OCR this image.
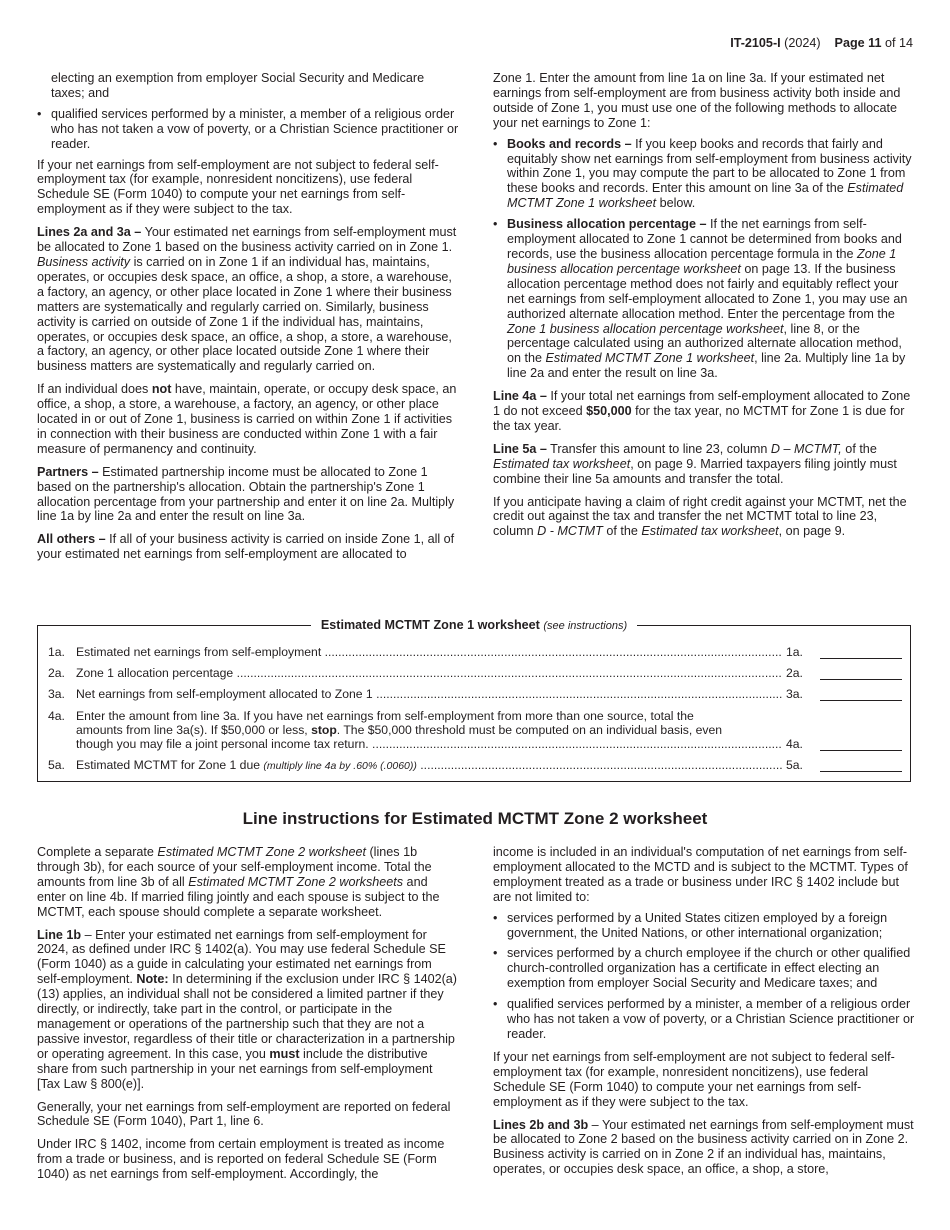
IT-2105-I (2024) Page 11 of 14

electing an exemption from employer Social Security and Medicare taxes; and

• qualified services performed by a minister, a member of a religious order who has not taken a vow of poverty, or a Christian Science practitioner or reader.

If your net earnings from self-employment are not subject to federal self-employment tax (for example, nonresident noncitizens), use federal Schedule SE (Form 1040) to compute your net earnings from self-employment as if they were subject to the tax.

Lines 2a and 3a – Your estimated net earnings from self-employment must be allocated to Zone 1 based on the business activity carried on in Zone 1. Business activity is carried on in Zone 1 if an individual has, maintains, operates, or occupies desk space, an office, a shop, a store, a warehouse, a factory, an agency, or other place located in Zone 1 where their business matters are systematically and regularly carried on. Similarly, business activity is carried on outside of Zone 1 if the individual has, maintains, operates, or occupies desk space, an office, a shop, a store, a warehouse, a factory, an agency, or other place located outside Zone 1 where their business matters are systematically and regularly carried on.

If an individual does not have, maintain, operate, or occupy desk space, an office, a shop, a store, a warehouse, a factory, an agency, or other place located in or out of Zone 1, business is carried on within Zone 1 if activities in connection with their business are conducted within Zone 1 with a fair measure of permanency and continuity.

Partners – Estimated partnership income must be allocated to Zone 1 based on the partnership's allocation. Obtain the partnership's Zone 1 allocation percentage from your partnership and enter it on line 2a. Multiply line 1a by line 2a and enter the result on line 3a.

All others – If all of your business activity is carried on inside Zone 1, all of your estimated net earnings from self-employment are allocated to

Zone 1. Enter the amount from line 1a on line 3a. If your estimated net earnings from self-employment are from business activity both inside and outside of Zone 1, you must use one of the following methods to allocate your net earnings to Zone 1:

• Books and records – If you keep books and records that fairly and equitably show net earnings from self-employment from business activity within Zone 1, you may compute the part to be allocated to Zone 1 from these books and records. Enter this amount on line 3a of the Estimated MCTMT Zone 1 worksheet below.

• Business allocation percentage – If the net earnings from self-employment allocated to Zone 1 cannot be determined from books and records, use the business allocation percentage formula in the Zone 1 business allocation percentage worksheet on page 13. If the business allocation percentage method does not fairly and equitably reflect your net earnings from self-employment allocated to Zone 1, you may use an authorized alternate allocation method. Enter the percentage from the Zone 1 business allocation percentage worksheet, line 8, or the percentage calculated using an authorized alternate allocation method, on the Estimated MCTMT Zone 1 worksheet, line 2a. Multiply line 1a by line 2a and enter the result on line 3a.

Line 4a – If your total net earnings from self-employment allocated to Zone 1 do not exceed $50,000 for the tax year, no MCTMT for Zone 1 is due for the tax year.

Line 5a – Transfer this amount to line 23, column D – MCTMT, of the Estimated tax worksheet, on page 9. Married taxpayers filing jointly must combine their line 5a amounts and transfer the total.

If you anticipate having a claim of right credit against your MCTMT, net the credit out against the tax and transfer the net MCTMT total to line 23, column D - MCTMT of the Estimated tax worksheet, on page 9.

Estimated MCTMT Zone 1 worksheet (see instructions)
1a. Estimated net earnings from self-employment .....	1a.
2a. Zone 1 allocation percentage .....	2a.
3a. Net earnings from self-employment allocated to Zone 1 .....	3a.
4a. Enter the amount from line 3a. If you have net earnings from self-employment from more than one source, total the
amounts from line 3a(s). If $50,000 or less, stop. The $50,000 threshold must be computed on an individual basis, even
though you may file a joint personal income tax return. .....	4a.
5a. Estimated MCTMT for Zone 1 due (multiply line 4a by .60% (.0060)) .....	5a.
Line instructions for Estimated MCTMT Zone 2 worksheet

Complete a separate Estimated MCTMT Zone 2 worksheet (lines 1b through 3b), for each source of your self-employment income. Total the amounts from line 3b of all Estimated MCTMT Zone 2 worksheets and enter on line 4b. If married filing jointly and each spouse is subject to the MCTMT, each spouse should complete a separate worksheet.

Line 1b – Enter your estimated net earnings from self-employment for 2024, as defined under IRC § 1402(a). You may use federal Schedule SE (Form 1040) as a guide in calculating your estimated net earnings from self-employment. Note: In determining if the exclusion under IRC § 1402(a)(13) applies, an individual shall not be considered a limited partner if they directly, or indirectly, take part in the control, or participate in the management or operations of the partnership such that they are not a passive investor, regardless of their title or characterization in a partnership or operating agreement. In this case, you must include the distributive share from such partnership in your net earnings from self-employment [Tax Law § 800(e)].

Generally, your net earnings from self-employment are reported on federal Schedule SE (Form 1040), Part 1, line 6.

Under IRC § 1402, income from certain employment is treated as income from a trade or business, and is reported on federal Schedule SE (Form 1040) as net earnings from self-employment. Accordingly, the

income is included in an individual's computation of net earnings from self-employment allocated to the MCTD and is subject to the MCTMT. Types of employment treated as a trade or business under IRC § 1402 include but are not limited to:

• services performed by a United States citizen employed by a foreign government, the United Nations, or other international organization;

• services performed by a church employee if the church or other qualified church-controlled organization has a certificate in effect electing an exemption from employer Social Security and Medicare taxes; and

• qualified services performed by a minister, a member of a religious order who has not taken a vow of poverty, or a Christian Science practitioner or reader.

If your net earnings from self-employment are not subject to federal self-employment tax (for example, nonresident noncitizens), use federal Schedule SE (Form 1040) to compute your net earnings from self-employment as if they were subject to the tax.

Lines 2b and 3b – Your estimated net earnings from self-employment must be allocated to Zone 2 based on the business activity carried on in Zone 2. Business activity is carried on in Zone 2 if an individual has, maintains, operates, or occupies desk space, an office, a shop, a store,
